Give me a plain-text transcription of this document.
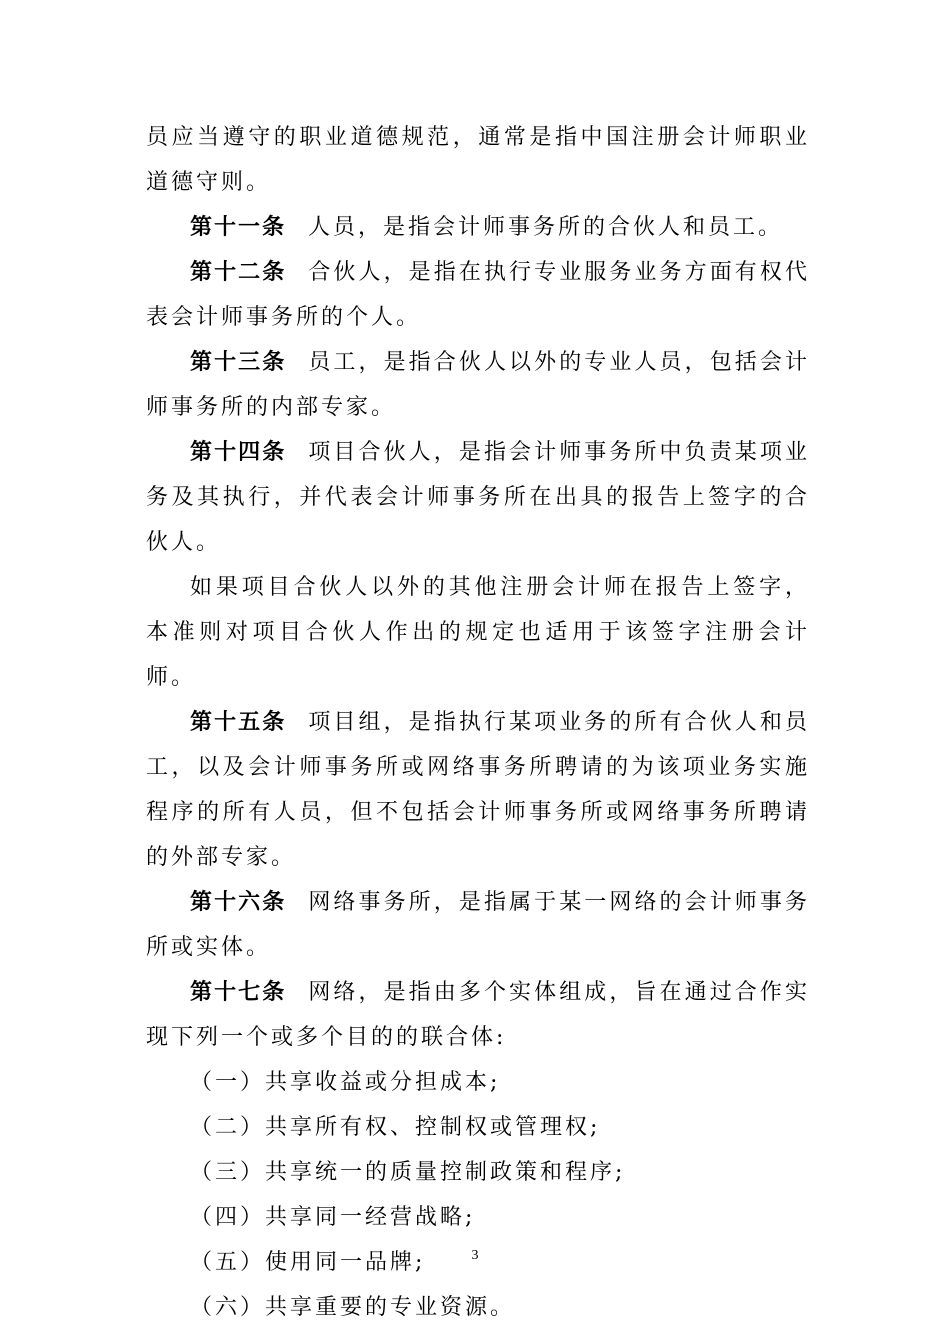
员应当遵守的职业道德规范，通常是指中国注册会计师职业道德守则。

第十一条 人员，是指会计师事务所的合伙人和员工。

第十二条 合伙人，是指在执行专业服务业务方面有权代表会计师事务所的个人。

第十三条 员工，是指合伙人以外的专业人员，包括会计师事务所的内部专家。

第十四条 项目合伙人，是指会计师事务所中负责某项业务及其执行，并代表会计师事务所在出具的报告上签字的合伙人。

如果项目合伙人以外的其他注册会计师在报告上签字，本准则对项目合伙人作出的规定也适用于该签字注册会计师。

第十五条 项目组，是指执行某项业务的所有合伙人和员工，以及会计师事务所或网络事务所聘请的为该项业务实施程序的所有人员，但不包括会计师事务所或网络事务所聘请的外部专家。

第十六条 网络事务所，是指属于某一网络的会计师事务所或实体。

第十七条 网络，是指由多个实体组成，旨在通过合作实现下列一个或多个目的的联合体:

（一）共享收益或分担成本;

（二）共享所有权、控制权或管理权;

（三）共享统一的质量控制政策和程序;

（四）共享同一经营战略;

（五）使用同一品牌;

（六）共享重要的专业资源。

3
